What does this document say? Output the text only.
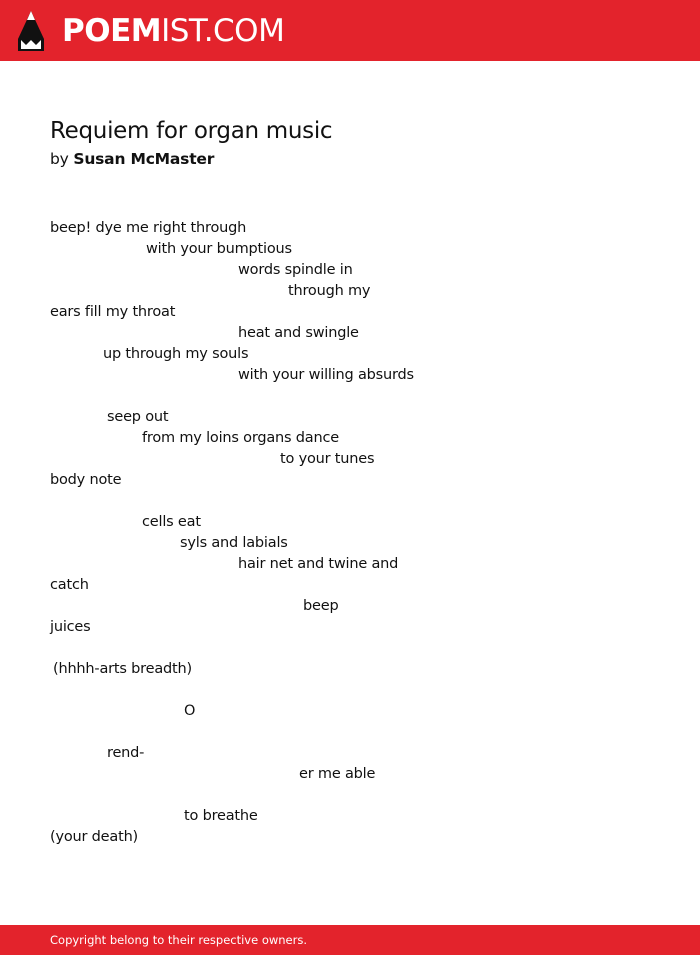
POEMIST.COM
Requiem for organ music
by Susan McMaster
beep! dye me right through
with your bumptious
words spindle in
through my
ears fill my throat
heat and swingle
up through my souls
with your willing absurds
seep out
from my loins organs dance
to your tunes
body note
cells eat
syls and labials
hair net and twine and
catch
beep
juices
(hhhh-arts breadth)
O
rend-
er me able
to breathe
(your death)
Copyright belong to their respective owners.
